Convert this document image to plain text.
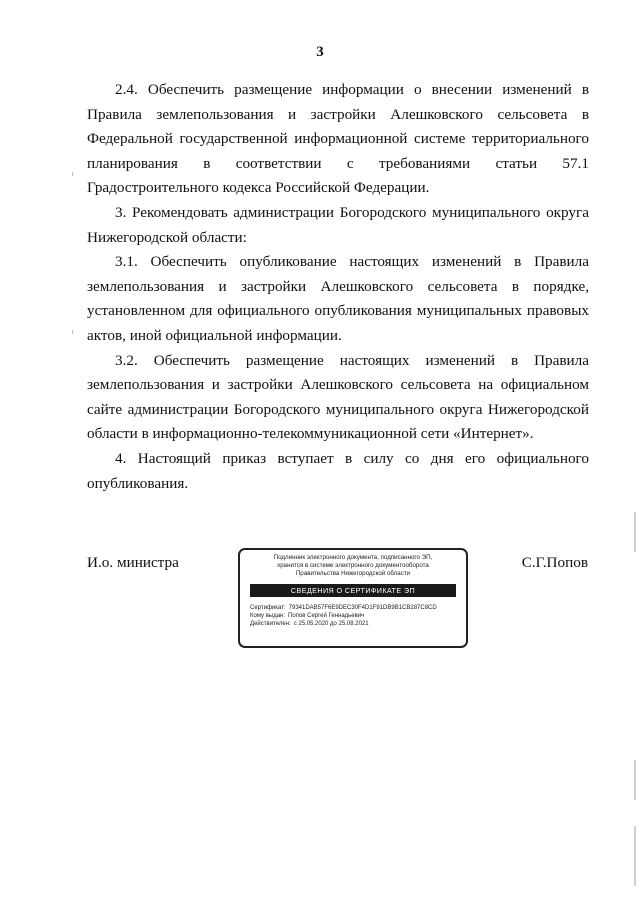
3

2.4. Обеспечить размещение информации о внесении изменений в Правила землепользования и застройки Алешковского сельсовета в Федеральной государственной информационной системе территориального планирования в соответствии с требованиями статьи 57.1 Градостроительного кодекса Российской Федерации.

3. Рекомендовать администрации Богородского муниципального округа Нижегородской области:

3.1. Обеспечить опубликование настоящих изменений в Правила землепользования и застройки Алешковского сельсовета в порядке, установленном для официального опубликования муниципальных правовых актов, иной официальной информации.

3.2. Обеспечить размещение настоящих изменений в Правила землепользования и застройки Алешковского сельсовета на официальном сайте администрации Богородского муниципального округа Нижегородской области в информационно-телекоммуникационной сети «Интернет».

4. Настоящий приказ вступает в силу со дня его официального опубликования.

И.о. министра	Подлинник электронного документа, подписанного ЭП,
хранится в системе электронного документооборота
Правительства Нижегородской области
СВЕДЕНИЯ О СЕРТИФИКАТЕ ЭП
Сертификат: 79341DAB57F6E9DEC30F4D1F91DB9B1CB287C8CD
Кому выдан: Попов Сергей Геннадьевич
Действителен: с 25.05.2020 до 25.08.2021
С.Г.Попов
